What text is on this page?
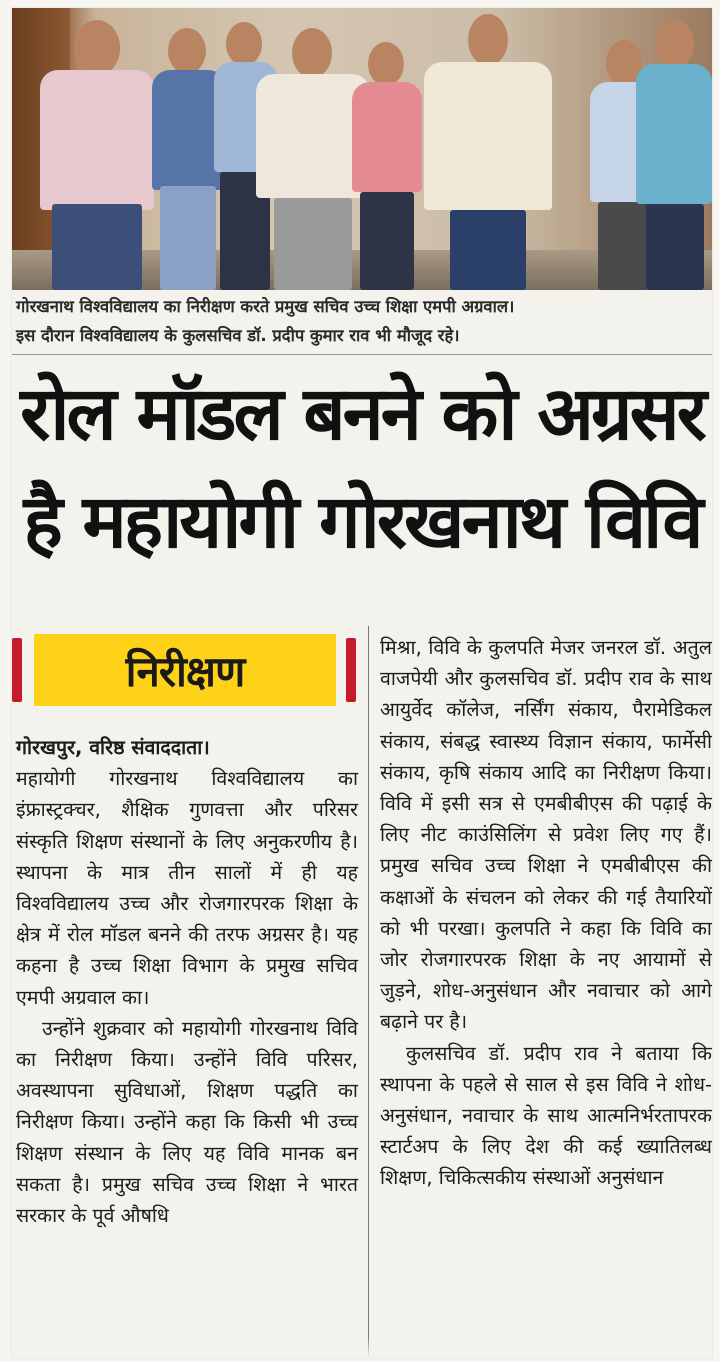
गोरखनाथ विश्वविद्यालय का निरीक्षण करते प्रमुख सचिव उच्च शिक्षा एमपी अग्रवाल।

इस दौरान विश्वविद्यालय के कुलसचिव डॉ. प्रदीप कुमार राव भी मौजूद रहे।

रोल मॉडल बनने को अग्रसर
है महायोगी गोरखनाथ विवि
निरीक्षण

गोरखपुर, वरिष्ठ संवाददाता।

महायोगी गोरखनाथ विश्वविद्यालय का इंफ्रास्ट्रक्चर, शैक्षिक गुणवत्ता और परिसर संस्कृति शिक्षण संस्थानों के लिए अनुकरणीय है। स्थापना के मात्र तीन सालों में ही यह विश्वविद्यालय उच्च और रोजगारपरक शिक्षा के क्षेत्र में रोल मॉडल बनने की तरफ अग्रसर है। यह कहना है उच्च शिक्षा विभाग के प्रमुख सचिव एमपी अग्रवाल का।

उन्होंने शुक्रवार को महायोगी गोरखनाथ विवि का निरीक्षण किया। उन्होंने विवि परिसर, अवस्थापना सुविधाओं, शिक्षण पद्धति का निरीक्षण किया। उन्होंने कहा कि किसी भी उच्च शिक्षण संस्थान के लिए यह विवि मानक बन सकता है। प्रमुख सचिव उच्च शिक्षा ने भारत सरकार के पूर्व औषधि

मिश्रा, विवि के कुलपति मेजर जनरल डॉ. अतुल वाजपेयी और कुलसचिव डॉ. प्रदीप राव के साथ आयुर्वेद कॉलेज, नर्सिंग संकाय, पैरामेडिकल संकाय, संबद्ध स्वास्थ्य विज्ञान संकाय, फार्मेसी संकाय, कृषि संकाय आदि का निरीक्षण किया। विवि में इसी सत्र से एमबीबीएस की पढ़ाई के लिए नीट काउंसिलिंग से प्रवेश लिए गए हैं। प्रमुख सचिव उच्च शिक्षा ने एमबीबीएस की कक्षाओं के संचलन को लेकर की गई तैयारियों को भी परखा। कुलपति ने कहा कि विवि का जोर रोजगारपरक शिक्षा के नए आयामों से जुड़ने, शोध-अनुसंधान और नवाचार को आगे बढ़ाने पर है।

कुलसचिव डॉ. प्रदीप राव ने बताया कि स्थापना के पहले से साल से इस विवि ने शोध-अनुसंधान, नवाचार के साथ आत्मनिर्भरतापरक स्टार्टअप के लिए देश की कई ख्यातिलब्ध शिक्षण, चिकित्सकीय संस्थाओं अनुसंधान
